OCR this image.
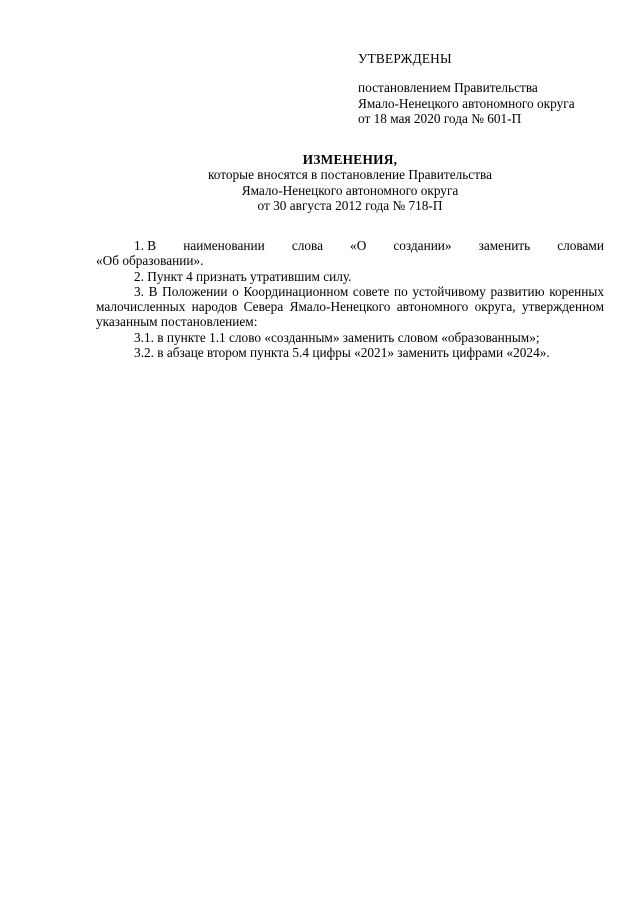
УТВЕРЖДЕНЫ
постановлением Правительства
Ямало-Ненецкого автономного округа
от 18 мая 2020 года № 601-П
ИЗМЕНЕНИЯ,
которые вносятся в постановление Правительства
Ямало-Ненецкого автономного округа
от 30 августа 2012 года № 718-П
1. В наименовании слова «О создании» заменить словами
«Об образовании».

2. Пункт 4 признать утратившим силу.

3. В Положении о Координационном совете по устойчивому развитию коренных малочисленных народов Севера Ямало-Ненецкого автономного округа, утвержденном указанным постановлением:

3.1. в пункте 1.1 слово «созданным» заменить словом «образованным»;

3.2. в абзаце втором пункта 5.4 цифры «2021» заменить цифрами «2024».
